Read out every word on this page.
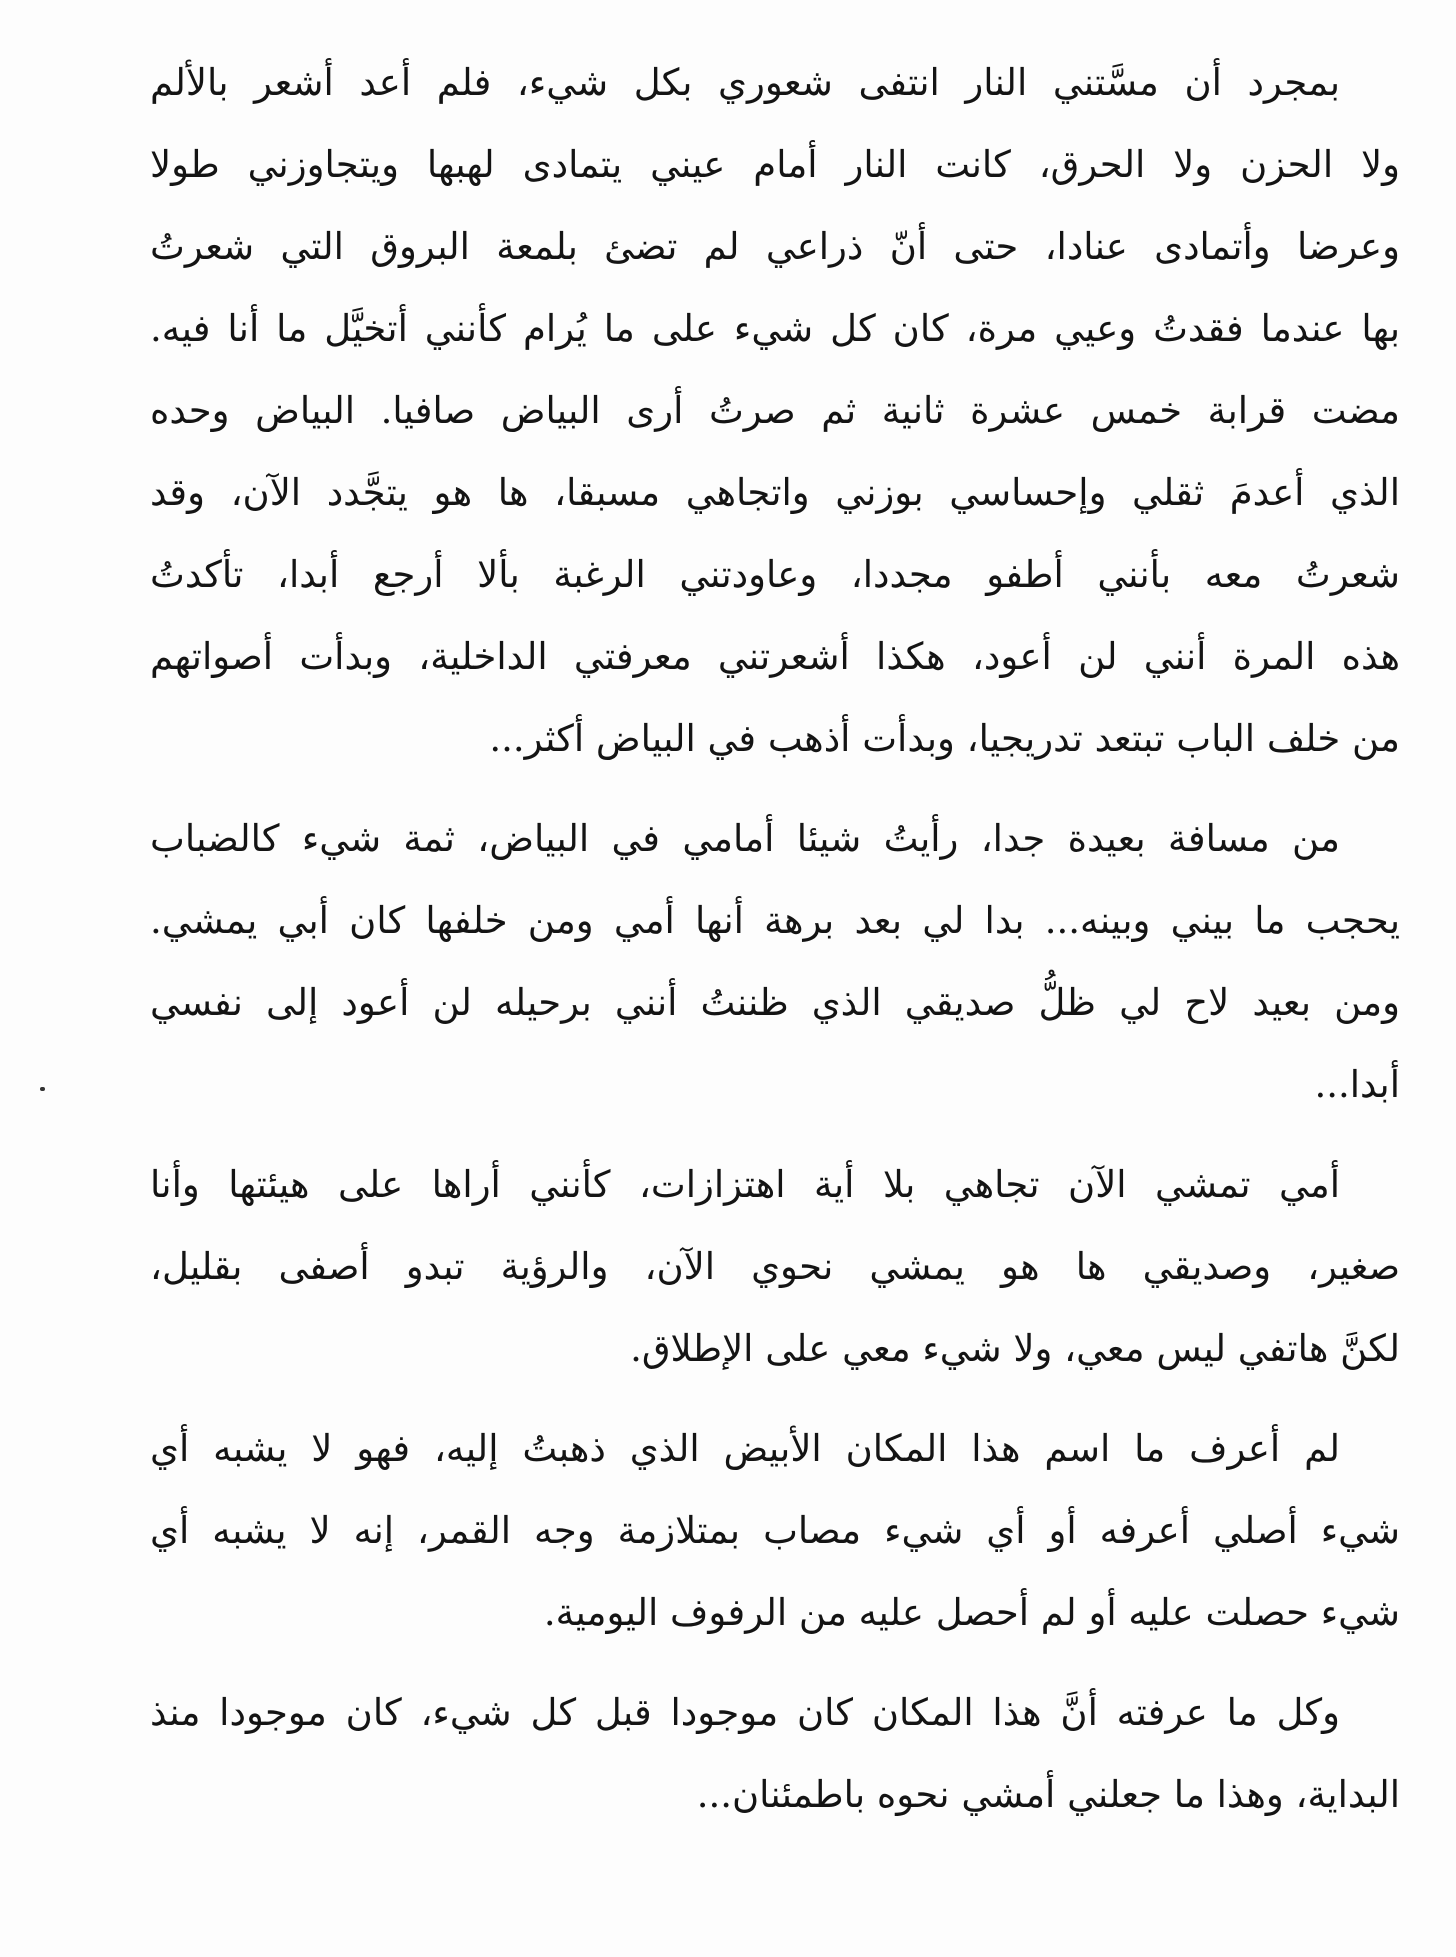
بمجرد أن مسَّتني النار انتفى شعوري بكل شيء، فلم أعد أشعر بالألم
ولا الحزن ولا الحرق، كانت النار أمام عيني يتمادى لهبها ويتجاوزني طولا
وعرضا وأتمادى عنادا، حتى أنّ ذراعي لم تضئ بلمعة البروق التي شعرتُ
بها عندما فقدتُ وعيي مرة، كان كل شيء على ما يُرام كأنني أتخيَّل ما أنا فيه.
مضت قرابة خمس عشرة ثانية ثم صرتُ أرى البياض صافيا. البياض وحده
الذي أعدمَ ثقلي وإحساسي بوزني واتجاهي مسبقا، ها هو يتجَّدد الآن، وقد
شعرتُ معه بأنني أطفو مجددا، وعاودتني الرغبة بألا أرجع أبدا، تأكدتُ
هذه المرة أنني لن أعود، هكذا أشعرتني معرفتي الداخلية، وبدأت أصواتهم
من خلف الباب تبتعد تدريجيا، وبدأت أذهب في البياض أكثر...
من مسافة بعيدة جدا، رأيتُ شيئا أمامي في البياض، ثمة شيء كالضباب
يحجب ما بيني وبينه... بدا لي بعد برهة أنها أمي ومن خلفها كان أبي يمشي.
ومن بعيد لاح لي ظلُّ صديقي الذي ظننتُ أنني برحيله لن أعود إلى نفسي
أبدا...
أمي تمشي الآن تجاهي بلا أية اهتزازات، كأنني أراها على هيئتها وأنا
صغير، وصديقي ها هو يمشي نحوي الآن، والرؤية تبدو أصفى بقليل،
لكنَّ هاتفي ليس معي، ولا شيء معي على الإطلاق.
لم أعرف ما اسم هذا المكان الأبيض الذي ذهبتُ إليه، فهو لا يشبه أي
شيء أصلي أعرفه أو أي شيء مصاب بمتلازمة وجه القمر، إنه لا يشبه أي
شيء حصلت عليه أو لم أحصل عليه من الرفوف اليومية.
وكل ما عرفته أنَّ هذا المكان كان موجودا قبل كل شيء، كان موجودا منذ
البداية، وهذا ما جعلني أمشي نحوه باطمئنان...
